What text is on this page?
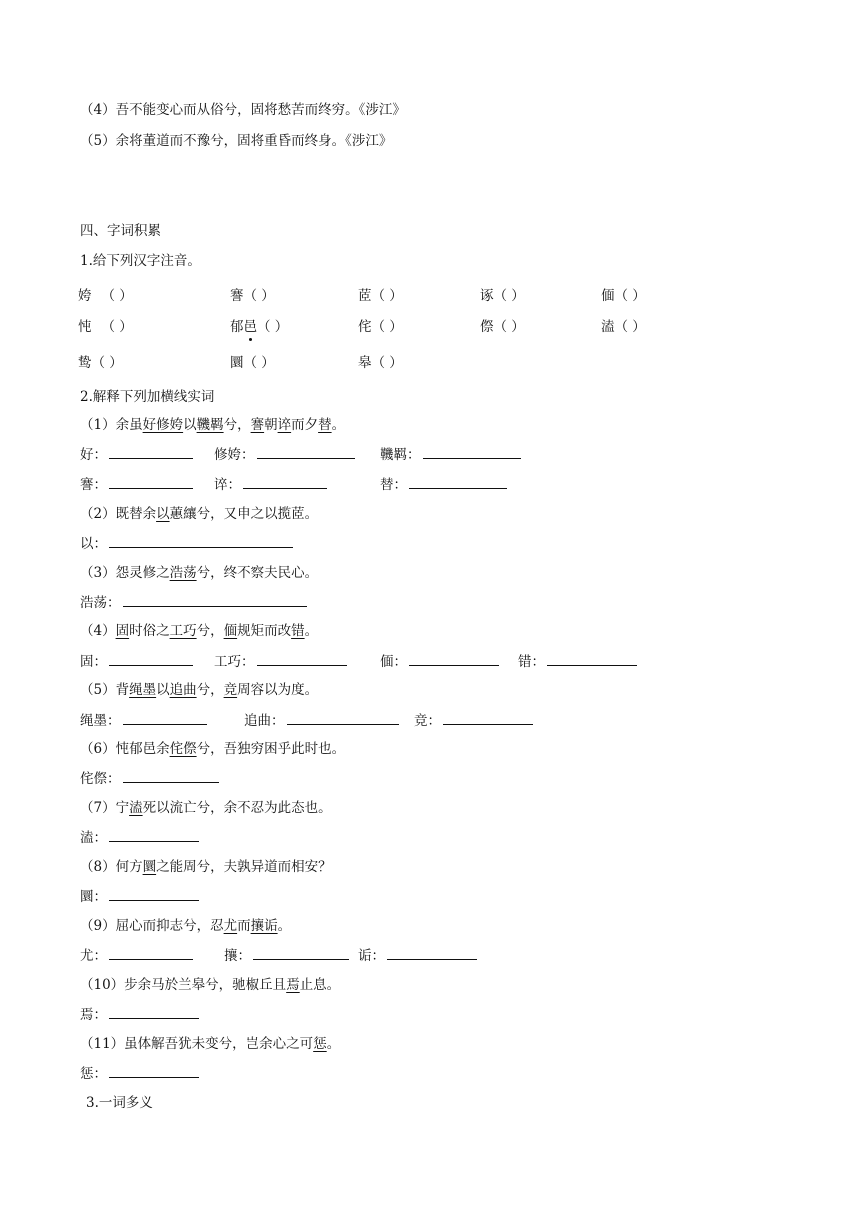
（4）吾不能变心而从俗兮，固将愁苦而终穷。《涉江》
（5）余将董道而不豫兮，固将重昏而终身。《涉江》
四、字词积累
1.给下列汉字注音。
姱 （ ）	謇（ ）	茝（ ）	诼（ ）	偭（ ）
忳 （ ）	郁邑（ ）	侘（ ）	傺（ ）	溘（ ）
鸷（ ）	圜（ ）	皋（ ）
2.解释下列加横线实词
（1）余虽好修姱以鞿羁兮，謇朝谇而夕替。
好：	修姱：	鞿羁：
謇：	谇：	替：
（2）既替余以蕙纕兮，又申之以揽茝。
以：
（3）怨灵修之浩荡兮，终不察夫民心。
浩荡：
（4）固时俗之工巧兮，偭规矩而改错。
固：	工巧：	偭：	错：
（5）背绳墨以追曲兮，竞周容以为度。
绳墨：	追曲：	竞：
（6）忳郁邑余侘傺兮，吾独穷困乎此时也。
侘傺：
（7）宁溘死以流亡兮，余不忍为此态也。
溘：
（8）何方圜之能周兮，夫孰异道而相安？
圜：
（9）屈心而抑志兮，忍尤而攘诟。
尤：	攘：	诟：
（10）步余马於兰皋兮，驰椒丘且焉止息。
焉：
（11）虽体解吾犹未变兮，岂余心之可惩。
惩：
3.一词多义
